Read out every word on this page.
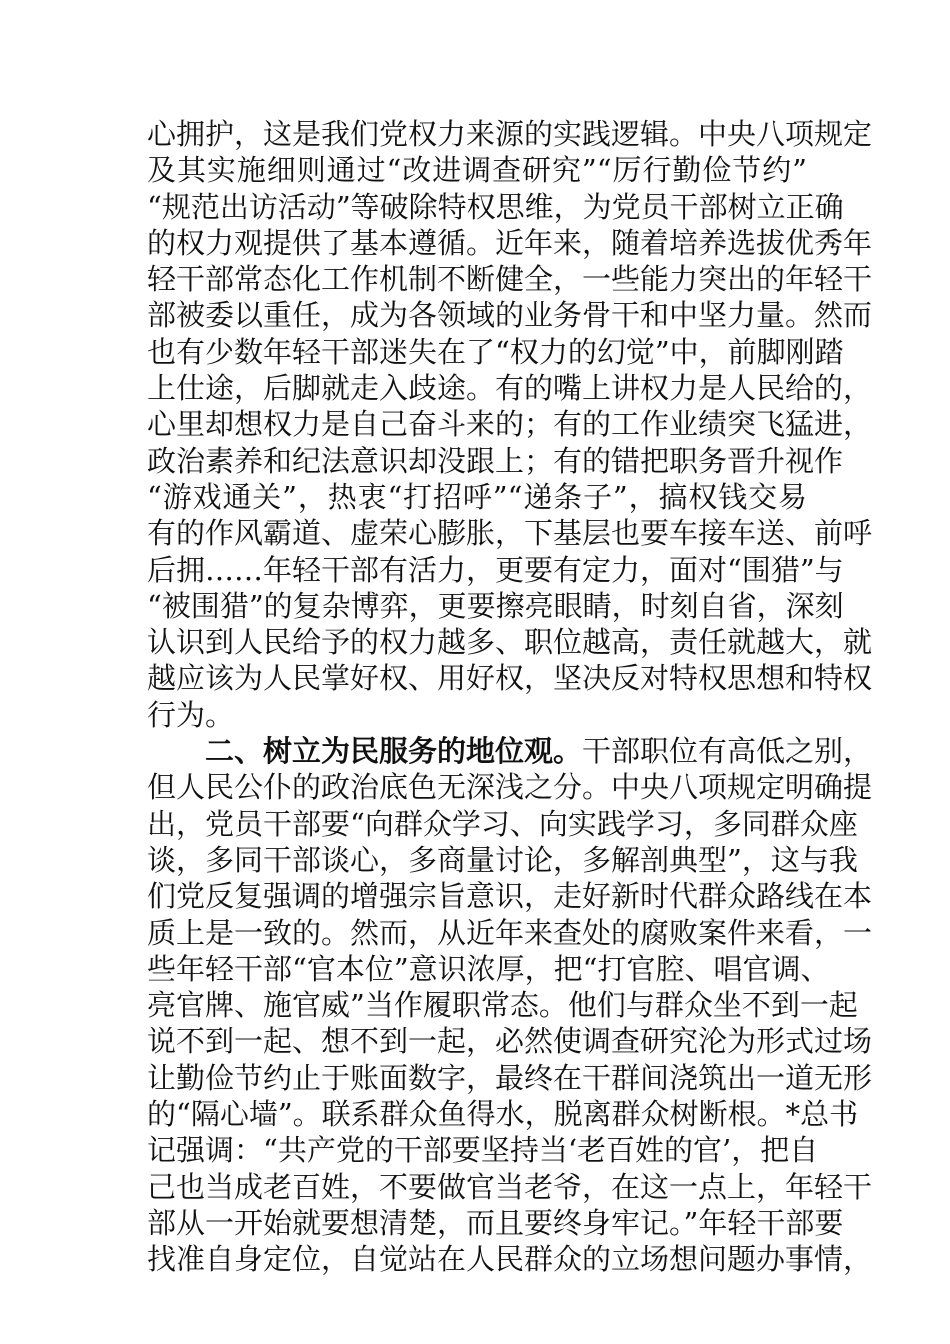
心拥护，这是我们党权力来源的实践逻辑。中央八项规定
及其实施细则通过“改进调查研究”“厉行勤俭节约”
“规范出访活动”等破除特权思维，为党员干部树立正确
的权力观提供了基本遵循。近年来，随着培养选拔优秀年
轻干部常态化工作机制不断健全，一些能力突出的年轻干
部被委以重任，成为各领域的业务骨干和中坚力量。然而
也有少数年轻干部迷失在了“权力的幻觉”中，前脚刚踏
上仕途，后脚就走入歧途。有的嘴上讲权力是人民给的，
心里却想权力是自己奋斗来的；有的工作业绩突飞猛进，
政治素养和纪法意识却没跟上；有的错把职务晋升视作
“游戏通关”，热衷“打招呼”“递条子”，搞权钱交易
有的作风霸道、虚荣心膨胀，下基层也要车接车送、前呼
后拥……年轻干部有活力，更要有定力，面对“围猎”与
“被围猎”的复杂博弈，更要擦亮眼睛，时刻自省，深刻
认识到人民给予的权力越多、职位越高，责任就越大，就
越应该为人民掌好权、用好权，坚决反对特权思想和特权
行为。
二、树立为民服务的地位观。干部职位有高低之别，
但人民公仆的政治底色无深浅之分。中央八项规定明确提
出，党员干部要“向群众学习、向实践学习，多同群众座
谈，多同干部谈心，多商量讨论，多解剖典型”，这与我
们党反复强调的增强宗旨意识，走好新时代群众路线在本
质上是一致的。然而，从近年来查处的腐败案件来看，一
些年轻干部“官本位”意识浓厚，把“打官腔、唱官调、
亮官牌、施官威”当作履职常态。他们与群众坐不到一起
说不到一起、想不到一起，必然使调查研究沦为形式过场
让勤俭节约止于账面数字，最终在干群间浇筑出一道无形
的“隔心墙”。联系群众鱼得水，脱离群众树断根。*总书
记强调：“共产党的干部要坚持当‘老百姓的官’，把自
己也当成老百姓，不要做官当老爷，在这一点上，年轻干
部从一开始就要想清楚，而且要终身牢记。”年轻干部要
找准自身定位，自觉站在人民群众的立场想问题办事情，
